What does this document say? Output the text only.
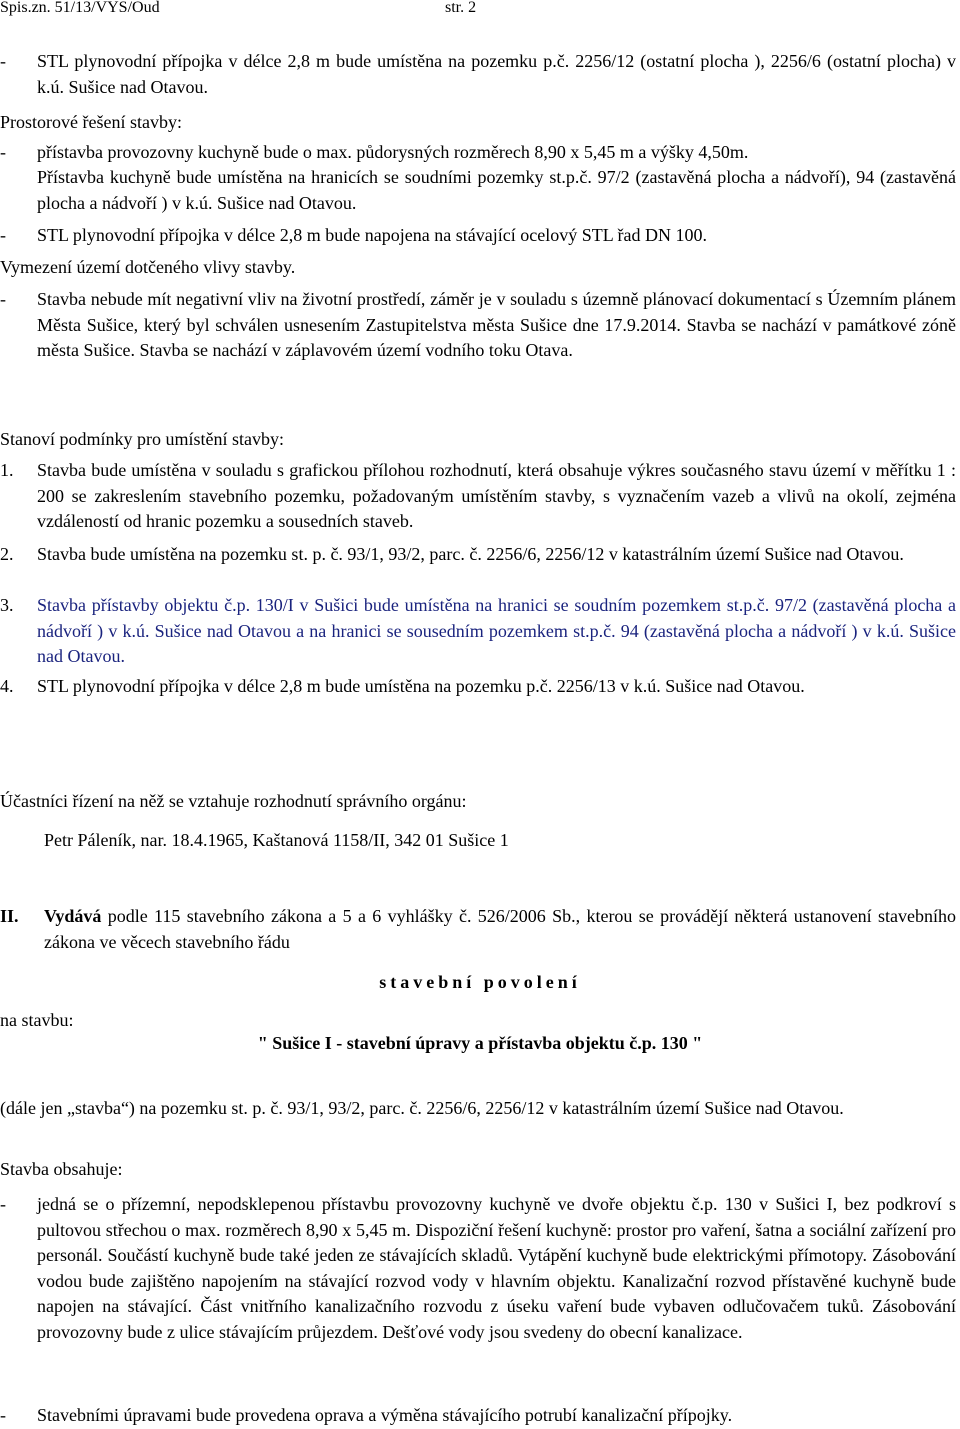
Spis.zn. 51/13/VYS/Oud	str. 2
- STL plynovodní přípojka v délce 2,8 m bude umístěna na pozemku p.č. 2256/12 (ostatní plocha ), 2256/6 (ostatní plocha) v k.ú. Sušice nad Otavou.
Prostorové řešení stavby:
- přístavba provozovny kuchyně bude o max. půdorysných rozměrech 8,90 x 5,45 m a výšky 4,50m.
Přístavba kuchyně bude umístěna na hranicích se soudními pozemky st.p.č. 97/2 (zastavěná plocha a nádvoří), 94 (zastavěná plocha a nádvoří ) v k.ú. Sušice nad Otavou.
- STL plynovodní přípojka v délce 2,8 m bude napojena na stávající ocelový STL řad DN 100.
Vymezení území dotčeného vlivy stavby.
- Stavba nebude mít negativní vliv na životní prostředí, záměr je v souladu s územně plánovací dokumentací s Územním plánem Města Sušice, který byl schválen usnesením Zastupitelstva města Sušice dne 17.9.2014. Stavba se nachází v památkové zóně města Sušice. Stavba se nachází v záplavovém území vodního toku Otava.
Stanoví podmínky pro umístění stavby:
1. Stavba bude umístěna v souladu s grafickou přílohou rozhodnutí, která obsahuje výkres současného stavu území v měřítku 1 : 200 se zakreslením stavebního pozemku, požadovaným umístěním stavby, s vyznačením vazeb a vlivů na okolí, zejména vzdáleností od hranic pozemku a sousedních staveb.
2. Stavba bude umístěna na pozemku st. p. č. 93/1, 93/2, parc. č. 2256/6, 2256/12 v katastrálním území Sušice nad Otavou.
3. Stavba přístavby objektu č.p. 130/I v Sušici bude umístěna na hranici se soudním pozemkem st.p.č. 97/2 (zastavěná plocha a nádvoří ) v k.ú. Sušice nad Otavou a na hranici se sousedním pozemkem st.p.č. 94 (zastavěná plocha a nádvoří ) v k.ú. Sušice nad Otavou.
4. STL plynovodní přípojka v délce 2,8 m bude umístěna na pozemku p.č. 2256/13 v k.ú. Sušice nad Otavou.
Účastníci řízení na něž se vztahuje rozhodnutí správního orgánu:
Petr Páleník, nar. 18.4.1965, Kaštanová 1158/II, 342 01 Sušice 1
II. Vydává podle 115 stavebního zákona a 5 a 6 vyhlášky č. 526/2006 Sb., kterou se provádějí některá ustanovení stavebního zákona ve věcech stavebního řádu
stavební povolení
na stavbu:
" Sušice I - stavební úpravy a přístavba objektu č.p. 130 "
(dále jen „stavba“) na pozemku st. p. č. 93/1, 93/2, parc. č. 2256/6, 2256/12 v katastrálním území Sušice nad Otavou.
Stavba obsahuje:
- jedná se o přízemní, nepodsklepenou přístavbu provozovny kuchyně ve dvoře objektu č.p. 130 v Sušici I, bez podkroví s pultovou střechou o max. rozměrech 8,90 x 5,45 m. Dispoziční řešení kuchyně: prostor pro vaření, šatna a sociální zařízení pro personál. Součástí kuchyně bude také jeden ze stávajících skladů. Vytápění kuchyně bude elektrickými přímotopy. Zásobování vodou bude zajištěno napojením na stávající rozvod vody v hlavním objektu. Kanalizační rozvod přístavěné kuchyně bude napojen na stávající. Část vnitřního kanalizačního rozvodu z úseku vaření bude vybaven odlučovačem tuků. Zásobování provozovny bude z ulice stávajícím průjezdem. Dešťové vody jsou svedeny do obecní kanalizace.
- Stavebními úpravami bude provedena oprava a výměna stávajícího potrubí kanalizační přípojky.
